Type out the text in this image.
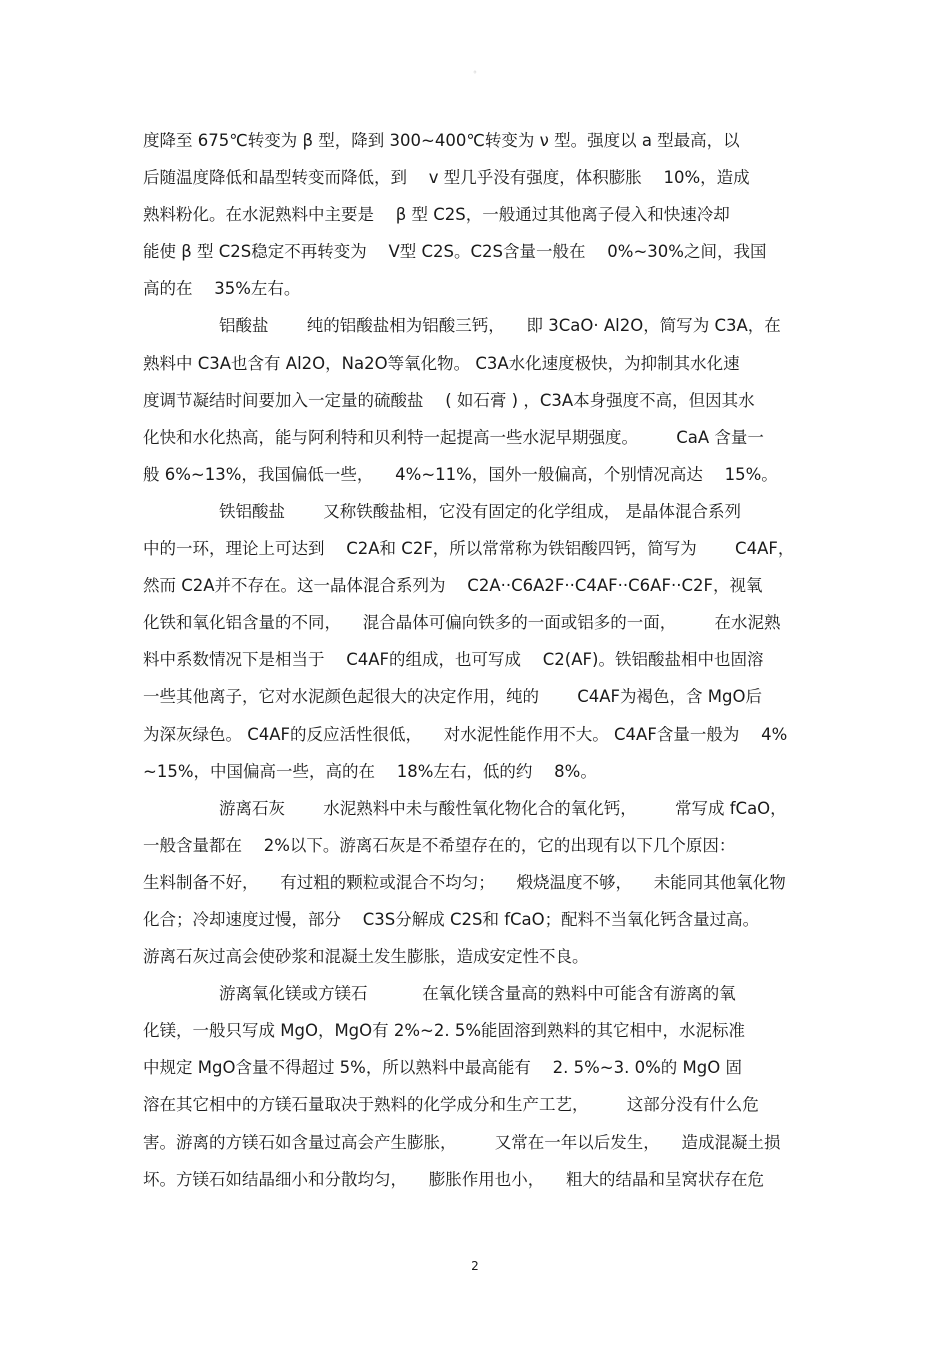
◦
度降至 675℃转变为 β 型，降到 300~400℃转变为 ν 型。强度以 a 型最高，以
后随温度降低和晶型转变而降低，到 　v 型几乎没有强度，体积膨胀 　10%，造成
熟料粉化。在水泥熟料中主要是 　β 型 C2S，一般通过其他离子侵入和快速冷却
能使 β 型 C2S稳定不再转变为 　V型 C2S。C2S含量一般在 　0%~30%之间，我国
高的在 　35%左右。
铝酸盐 　　纯的铝酸盐相为铝酸三钙， 　即 3CaO· Al2O，简写为 C3A，在
熟料中 C3A也含有 Al2O，Na2O等氧化物。 C3A水化速度极快，为抑制其水化速
度调节凝结时间要加入一定量的硫酸盐 　( 如石膏 ) ，C3A本身强度不高，但因其水
化快和水化热高，能与阿利特和贝利特一起提高一些水泥早期强度。 　　CaA 含量一
般 6%~13%，我国偏低一些， 　4%~11%，国外一般偏高，个别情况高达 　15%。
铁铝酸盐 　　又称铁酸盐相，它没有固定的化学组成， 是晶体混合系列
中的一环，理论上可达到 　C2A和 C2F，所以常常称为铁铝酸四钙，简写为 　　C4AF，
然而 C2A并不存在。这一晶体混合系列为 　C2A··C6A2F··C4AF··C6AF··C2F，视氧
化铁和氧化铝含量的不同， 　混合晶体可偏向铁多的一面或铝多的一面， 　　在水泥熟
料中系数情况下是相当于 　C4AF的组成，也可写成 　C2(AF)。铁铝酸盐相中也固溶
一些其他离子，它对水泥颜色起很大的决定作用，纯的 　　C4AF为褐色，含 MgO后
为深灰绿色。 C4AF的反应活性很低， 　对水泥性能作用不大。 C4AF含量一般为 　4%
~15%，中国偏高一些，高的在 　18%左右，低的约 　8%。
游离石灰 　　水泥熟料中未与酸性氧化物化合的氧化钙， 　　常写成 fCaO，
一般含量都在 　2%以下。游离石灰是不希望存在的，它的出现有以下几个原因：
生料制备不好， 　有过粗的颗粒或混合不均匀； 　煅烧温度不够， 　未能同其他氧化物
化合；冷却速度过慢，部分 　C3S分解成 C2S和 fCaO；配料不当氧化钙含量过高。
游离石灰过高会使砂浆和混凝土发生膨胀，造成安定性不良。
游离氧化镁或方镁石 　　　在氧化镁含量高的熟料中可能含有游离的氧
化镁，一般只写成 MgO，MgO有 2%~2. 5%能固溶到熟料的其它相中，水泥标准
中规定 MgO含量不得超过 5%，所以熟料中最高能有 　2. 5%~3. 0%的 MgO 固
溶在其它相中的方镁石量取决于熟料的化学成分和生产工艺， 　　这部分没有什么危
害。游离的方镁石如含量过高会产生膨胀， 　　又常在一年以后发生， 　造成混凝土损
坏。方镁石如结晶细小和分散均匀， 　膨胀作用也小， 　粗大的结晶和呈窝状存在危
2
